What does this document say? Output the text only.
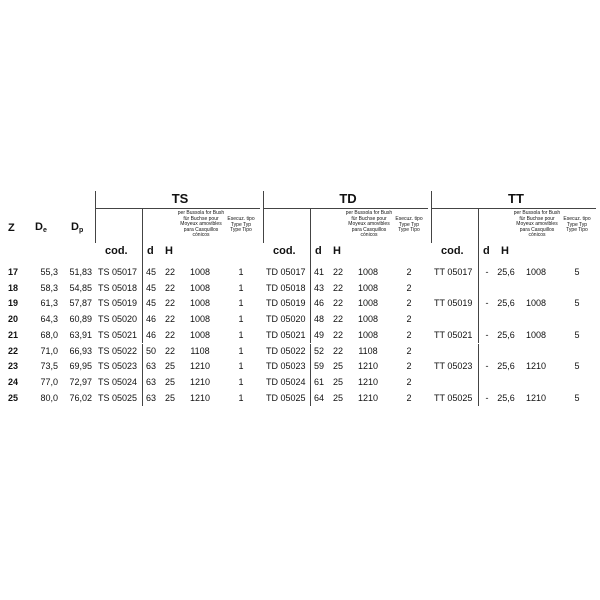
Z $D_e$ $D_p$
TS
cod. d H
per Bussola for Bush für Buchse pour Moyeux amovibles para Casquillos cónicos
Esecuz. tipo Type Typ Type Tipo
TD
cod. d H
per Bussola for Bush für Buchse pour Moyeux amovibles para Casquillos cónicos
Esecuz. tipo Type Typ Type Tipo
TT
cod. d H
per Bussola for Bush für Buchse pour Moyeux amovibles para Casquillos cónicos
Esecuz. tipo Type Typ Type Tipo
17	55,3	51,83 TS 05017 45 22	1008	1	TD 05017 41 22	1008	2	TT 05017	- 25,6	1008	5
18	58,3	54,85 TS 05018 45 22	1008	1	TD 05018 43 22	1008	2
19	61,3	57,87 TS 05019 45 22	1008	1	TD 05019 46 22	1008	2	TT 05019	- 25,6	1008	5
20	64,3	60,89 TS 05020 46 22	1008	1	TD 05020 48 22	1008	2
21	68,0	63,91 TS 05021 46 22	1008	1	TD 05021 49 22	1008	2	TT 05021	- 25,6	1008	5
22	71,0	66,93 TS 05022 50 22	1108	1	TD 05022 52 22	1108	2
23	73,5	69,95 TS 05023 63 25	1210	1	TD 05023 59 25	1210	2	TT 05023	- 25,6	1210	5
24	77,0	72,97 TS 05024 63 25	1210	1	TD 05024 61 25	1210	2
25	80,0	76,02 TS 05025 63 25	1210	1	TD 05025 64 25	1210	2	TT 05025	- 25,6	1210	5
